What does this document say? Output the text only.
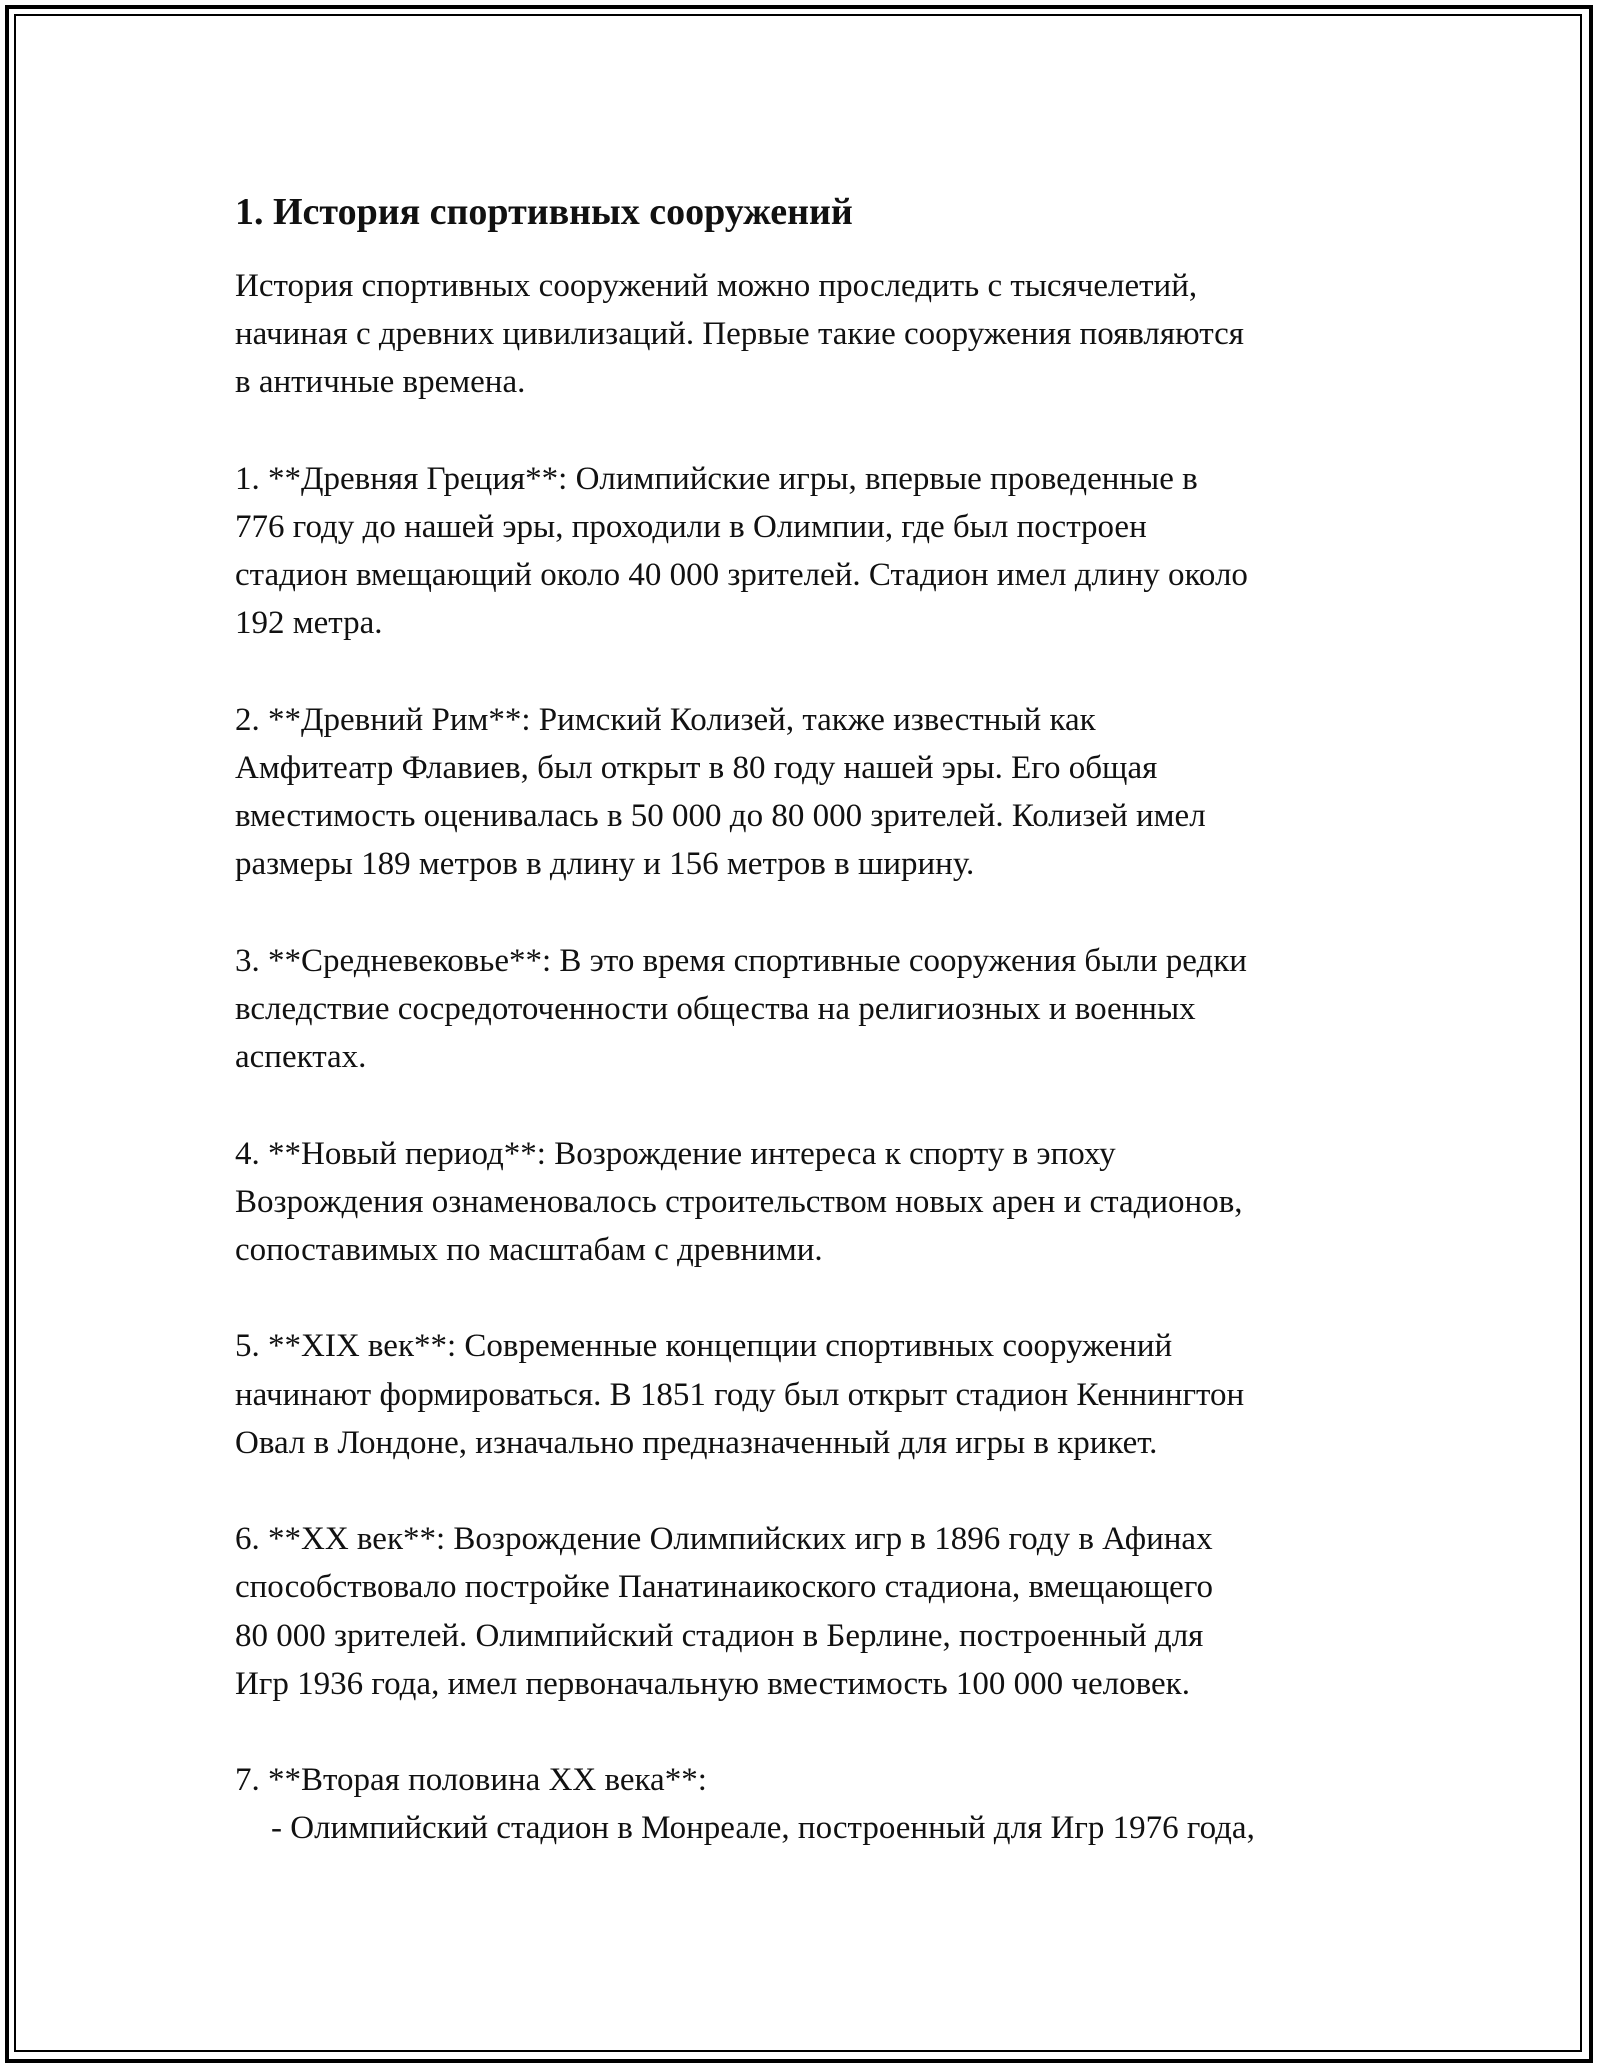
1. История спортивных сооружений
История спортивных сооружений можно проследить с тысячелетий,
начиная с древних цивилизаций. Первые такие сооружения появляются
в античные времена.
1. **Древняя Греция**: Олимпийские игры, впервые проведенные в
776 году до нашей эры, проходили в Олимпии, где был построен
стадион вмещающий около 40 000 зрителей. Стадион имел длину около
192 метра.
2. **Древний Рим**: Римский Колизей, также известный как
Амфитеатр Флавиев, был открыт в 80 году нашей эры. Его общая
вместимость оценивалась в 50 000 до 80 000 зрителей. Колизей имел
размеры 189 метров в длину и 156 метров в ширину.
3. **Средневековье**: В это время спортивные сооружения были редки
вследствие сосредоточенности общества на религиозных и военных
аспектах.
4. **Новый период**: Возрождение интереса к спорту в эпоху
Возрождения ознаменовалось строительством новых арен и стадионов,
сопоставимых по масштабам с древними.
5. **XIX век**: Современные концепции спортивных сооружений
начинают формироваться. В 1851 году был открыт стадион Кеннингтон
Овал в Лондоне, изначально предназначенный для игры в крикет.
6. **XX век**: Возрождение Олимпийских игр в 1896 году в Афинах
способствовало постройке Панатинаикоского стадиона, вмещающего
80 000 зрителей. Олимпийский стадион в Берлине, построенный для
Игр 1936 года, имел первоначальную вместимость 100 000 человек.
7. **Вторая половина XX века**:
- Олимпийский стадион в Монреале, построенный для Игр 1976 года,
